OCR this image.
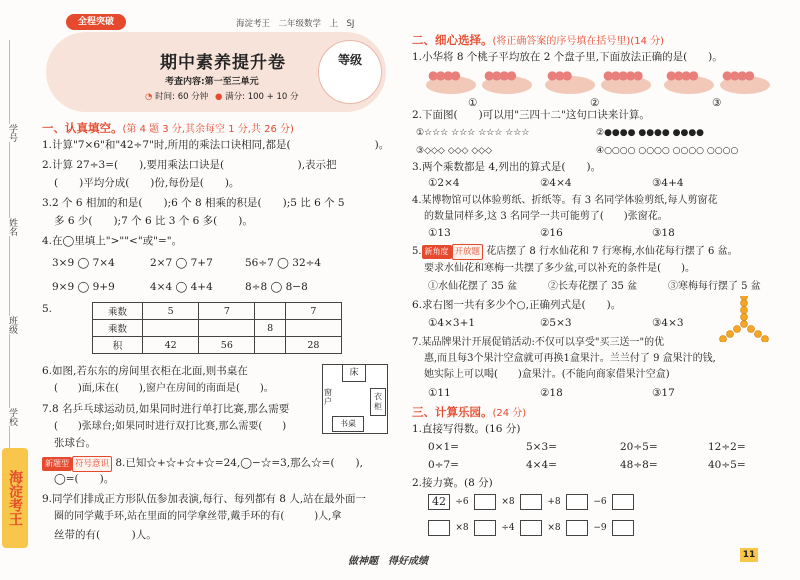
全程突破	海淀考王　二年级数学　上　SJ
期中素养提升卷	等级
考查内容:第一至三单元
◔ 时间: 60 分钟 ● 满分: 100 + 10 分
学号
姓名
班级
学校
海淀考王
一、认真填空。(第 4 题 3 分,其余每空 1 分,共 26 分)
1.计算"7×6"和"42÷7"时,所用的乘法口诀相同,都是(　　　　　　　　)。
2.计算 27÷3=(　　),要用乘法口诀是(　　　　　　　),表示把
(　　)平均分成(　　)份,每份是(　　)。
3.2 个 6 相加的和是(　　);6 个 8 相乘的积是(　　);5 比 6 个 5
多 6 少(　　);7 个 6 比 3 个 6 多(　　)。
4.在◯里填上">""<"或"="。
3×9 ◯ 7×4	2×7 ◯ 7+7	56÷7 ◯ 32÷4
9×9 ◯ 9+9	4×4 ◯ 4+4	8÷8 ◯ 8−8
5.	乘数	5	7		7
乘数			8	
积	42	56		28
6.如图,若东东的房间里衣柜在北面,则书桌在
(　　)面,床在(　　),窗户在房间的南面是(　　)。
床
窗户
衣柜
书桌
7.8 名乒乓球运动员,如果同时进行单打比赛,那么需要
(　　)张球台;如果同时进行双打比赛,那么需要(　　)
张球台。
新题型 符号意识 8.已知☆+☆+☆+☆=24,◯−☆=3,那么☆=(　　),
◯=(　　)。
9.同学们排成正方形队伍参加表演,每行、每列都有 8 人,站在最外面一
圈的同学戴手环,站在里面的同学拿丝带,戴手环的有(　　　)人,拿
丝带的有(　　　)人。
做神题　得好成绩
二、细心选择。(将正确答案的序号填在括号里)(14 分)
1.小华将 8 个桃子平均放在 2 个盘子里,下面放法正确的是(　　)。
●●●● ●●●●	●●●	●●●●● ●●●● ●●●●
①	②	③
2.下面图(　　)可以用"三四十二"这句口诀来计算。
①☆☆☆ ☆☆☆ ☆☆☆ ☆☆☆	②●●●● ●●●● ●●●●
③◇◇◇ ◇◇◇ ◇◇◇	④○○○○ ○○○○ ○○○○ ○○○○
3.两个乘数都是 4,列出的算式是(　　)。
①2×4	②4×4	③4+4
4.某博物馆可以体验剪纸、折纸等。有 3 名同学体验剪纸,每人剪窗花
的数量同样多,这 3 名同学一共可能剪了(　　)张窗花。
①13	②16	③18
5. 新角度 开放题 花店摆了 8 行水仙花和 7 行寒梅,水仙花每行摆了 6 盆。
要求水仙花和寒梅一共摆了多少盆,可以补充的条件是(　　)。
①水仙花摆了 35 盆	②长寿花摆了 35 盆	③寒梅每行摆了 5 盆
6.求右图一共有多少个○,正确列式是(　　)。
①4×3+1	②5×3	③4×3
7.某品牌果汁开展促销活动:不仅可以享受"买三送一"的优
惠,而且每3个果汁空盒就可再换1盒果汁。兰兰付了 9 盒果汁的钱,
她实际上可以喝(　　)盒果汁。(不能向商家借果汁空盒)
①11	②18	③17
三、计算乐园。(24 分)
1.直接写得数。(16 分)
0×1=	5×3=	20÷5=	12÷2=
0÷7=	4×4=	48÷8=	40÷5=
2.接力赛。(8 分)
42 ÷6	×8	+8	−6
×8	÷4	×8	−9
11
